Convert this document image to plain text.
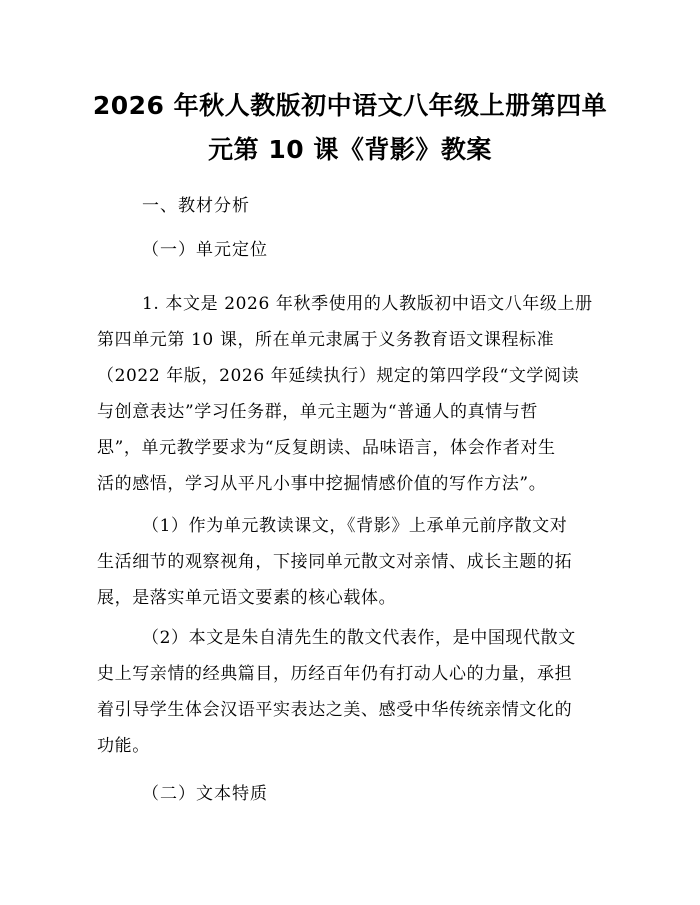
2026 年秋人教版初中语文八年级上册第四单
元第 10 课《背影》教案
一、教材分析
（一）单元定位
1. 本文是 2026 年秋季使用的人教版初中语文八年级上册
第四单元第 10 课，所在单元隶属于义务教育语文课程标准
（2022 年版，2026 年延续执行）规定的第四学段“文学阅读
与创意表达”学习任务群，单元主题为“普通人的真情与哲
思”，单元教学要求为“反复朗读、品味语言，体会作者对生
活的感悟，学习从平凡小事中挖掘情感价值的写作方法”。
（1）作为单元教读课文，《背影》上承单元前序散文对
生活细节的观察视角，下接同单元散文对亲情、成长主题的拓
展，是落实单元语文要素的核心载体。
（2）本文是朱自清先生的散文代表作，是中国现代散文
史上写亲情的经典篇目，历经百年仍有打动人心的力量，承担
着引导学生体会汉语平实表达之美、感受中华传统亲情文化的
功能。
（二）文本特质
